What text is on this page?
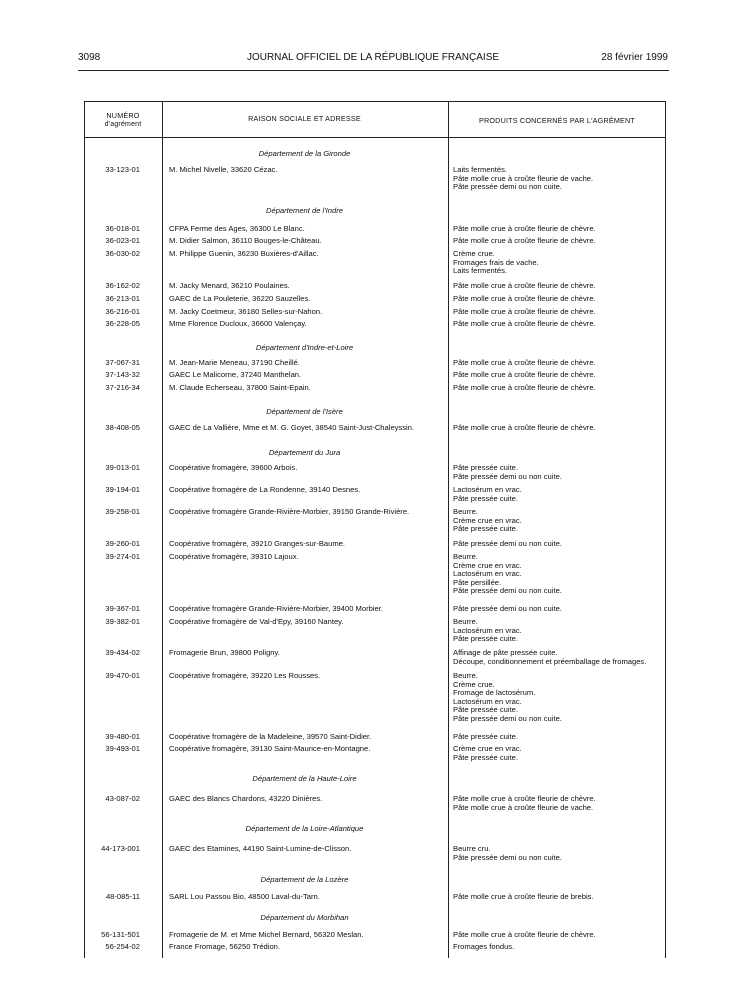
3098	JOURNAL OFFICIEL DE LA RÉPUBLIQUE FRANÇAISE	28 février 1999
NUMÉRO
d'agrément
RAISON SOCIALE ET ADRESSE	PRODUITS CONCERNÉS PAR L'AGRÉMENT
Département de la Gironde
33-123-01	M. Michel Nivelle, 33620 Cézac.	Laits fermentés.
Pâte molle crue à croûte fleurie de vache.
Pâte pressée demi ou non cuite.
Département de l'Indre
36-018-01	CFPA Ferme des Ages, 36300 Le Blanc.	Pâte molle crue à croûte fleurie de chèvre.
36-023-01	M. Didier Salmon, 36110 Bouges-le-Château.	Pâte molle crue à croûte fleurie de chèvre.
36-030-02	M. Philippe Guenin, 36230 Buxières-d'Aillac.	Crème crue.
Fromages frais de vache.
Laits fermentés.
36-162-02	M. Jacky Menard, 36210 Poulaines.	Pâte molle crue à croûte fleurie de chèvre.
36-213-01	GAEC de La Pouleterie, 36220 Sauzelles.	Pâte molle crue à croûte fleurie de chèvre.
36-216-01	M. Jacky Coetmeur, 36180 Selles-sur-Nahon.	Pâte molle crue à croûte fleurie de chèvre.
36-228-05	Mme Florence Ducloux, 36600 Valençay.	Pâte molle crue à croûte fleurie de chèvre.
Département d'Indre-et-Loire
37-067-31	M. Jean-Marie Meneau, 37190 Cheillé.	Pâte molle crue à croûte fleurie de chèvre.
37-143-32	GAEC Le Malicorne, 37240 Manthelan.	Pâte molle crue à croûte fleurie de chèvre.
37-216-34	M. Claude Echerseau, 37800 Saint-Epain.	Pâte molle crue à croûte fleurie de chèvre.
Département de l'Isère
38-408-05	GAEC de La Vallière, Mme et M. G. Goyet, 38540 Saint-Just-Chaleyssin.	Pâte molle crue à croûte fleurie de chèvre.
Département du Jura
39-013-01	Coopérative fromagère, 39600 Arbois.	Pâte pressée cuite.
Pâte pressée demi ou non cuite.
39-194-01	Coopérative fromagère de La Rondenne, 39140 Desnes.	Lactosérum en vrac.
Pâte pressée cuite.
39-258-01	Coopérative fromagère Grande-Rivière-Morbier, 39150 Grande-Rivière.	Beurre.
Crème crue en vrac.
Pâte pressée cuite.
39-260-01	Coopérative fromagère, 39210 Granges-sur-Baume.	Pâte pressée demi ou non cuite.
39-274-01	Coopérative fromagère, 39310 Lajoux.	Beurre.
Crème crue en vrac.
Lactosérum en vrac.
Pâte persillée.
Pâte pressée demi ou non cuite.
39-367-01	Coopérative fromagère Grande-Rivière-Morbier, 39400 Morbier.	Pâte pressée demi ou non cuite.
39-382-01	Coopérative fromagère de Val-d'Epy, 39160 Nantey.	Beurre.
Lactosérum en vrac.
Pâte pressée cuite.
39-434-02	Fromagerie Brun, 39800 Poligny.	Affinage de pâte pressée cuite.
Découpe, conditionnement et préemballage de fromages.
39-470-01	Coopérative fromagère, 39220 Les Rousses.	Beurre.
Crème crue.
Fromage de lactosérum.
Lactosérum en vrac.
Pâte pressée cuite.
Pâte pressée demi ou non cuite.
39-480-01	Coopérative fromagère de la Madeleine, 39570 Saint-Didier.	Pâte pressée cuite.
39-493-01	Coopérative fromagère, 39130 Saint-Maurice-en-Montagne.	Crème crue en vrac.
Pâte pressée cuite.
Département de la Haute-Loire
43-087-02	GAEC des Blancs Chardons, 43220 Dinières.	Pâte molle crue à croûte fleurie de chèvre.
Pâte molle crue à croûte fleurie de vache.
Département de la Loire-Atlantique
44-173-001	GAEC des Etamines, 44190 Saint-Lumine-de-Clisson.	Beurre cru.
Pâte pressée demi ou non cuite.
Département de la Lozère
48-085-11	SARL Lou Passou Bio, 48500 Laval-du-Tarn.	Pâte molle crue à croûte fleurie de brebis.
Département du Morbihan
56-131-501	Fromagerie de M. et Mme Michel Bernard, 56320 Meslan.	Pâte molle crue à croûte fleurie de chèvre.
56-254-02	France Fromage, 56250 Trédion.	Fromages fondus.
